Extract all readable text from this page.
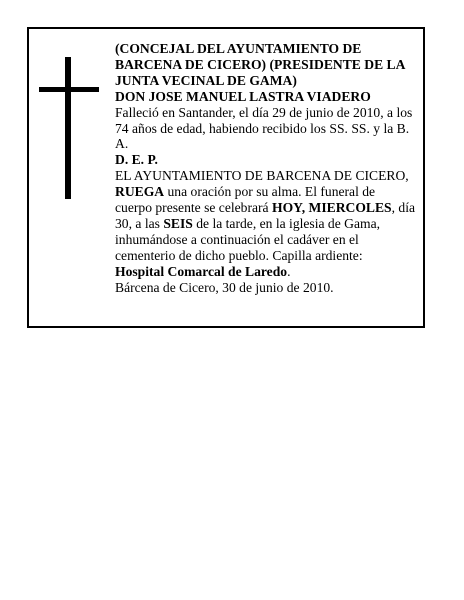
(CONCEJAL DEL AYUNTAMIENTO DE BARCENA DE CICERO) (PRESIDENTE DE LA JUNTA VECINAL DE GAMA)

DON JOSE MANUEL LASTRA VIADERO

Falleció en Santander, el día 29 de junio de 2010, a los 74 años de edad, habiendo recibido los SS. SS. y la B. A.

D. E. P.

EL AYUNTAMIENTO DE BARCENA DE CICERO, RUEGA una oración por su alma. El funeral de cuerpo presente se celebrará HOY, MIERCOLES, día 30, a las SEIS de la tarde, en la iglesia de Gama, inhumándose a continuación el cadáver en el cementerio de dicho pueblo. Capilla ardiente: Hospital Comarcal de Laredo.

Bárcena de Cicero, 30 de junio de 2010.
